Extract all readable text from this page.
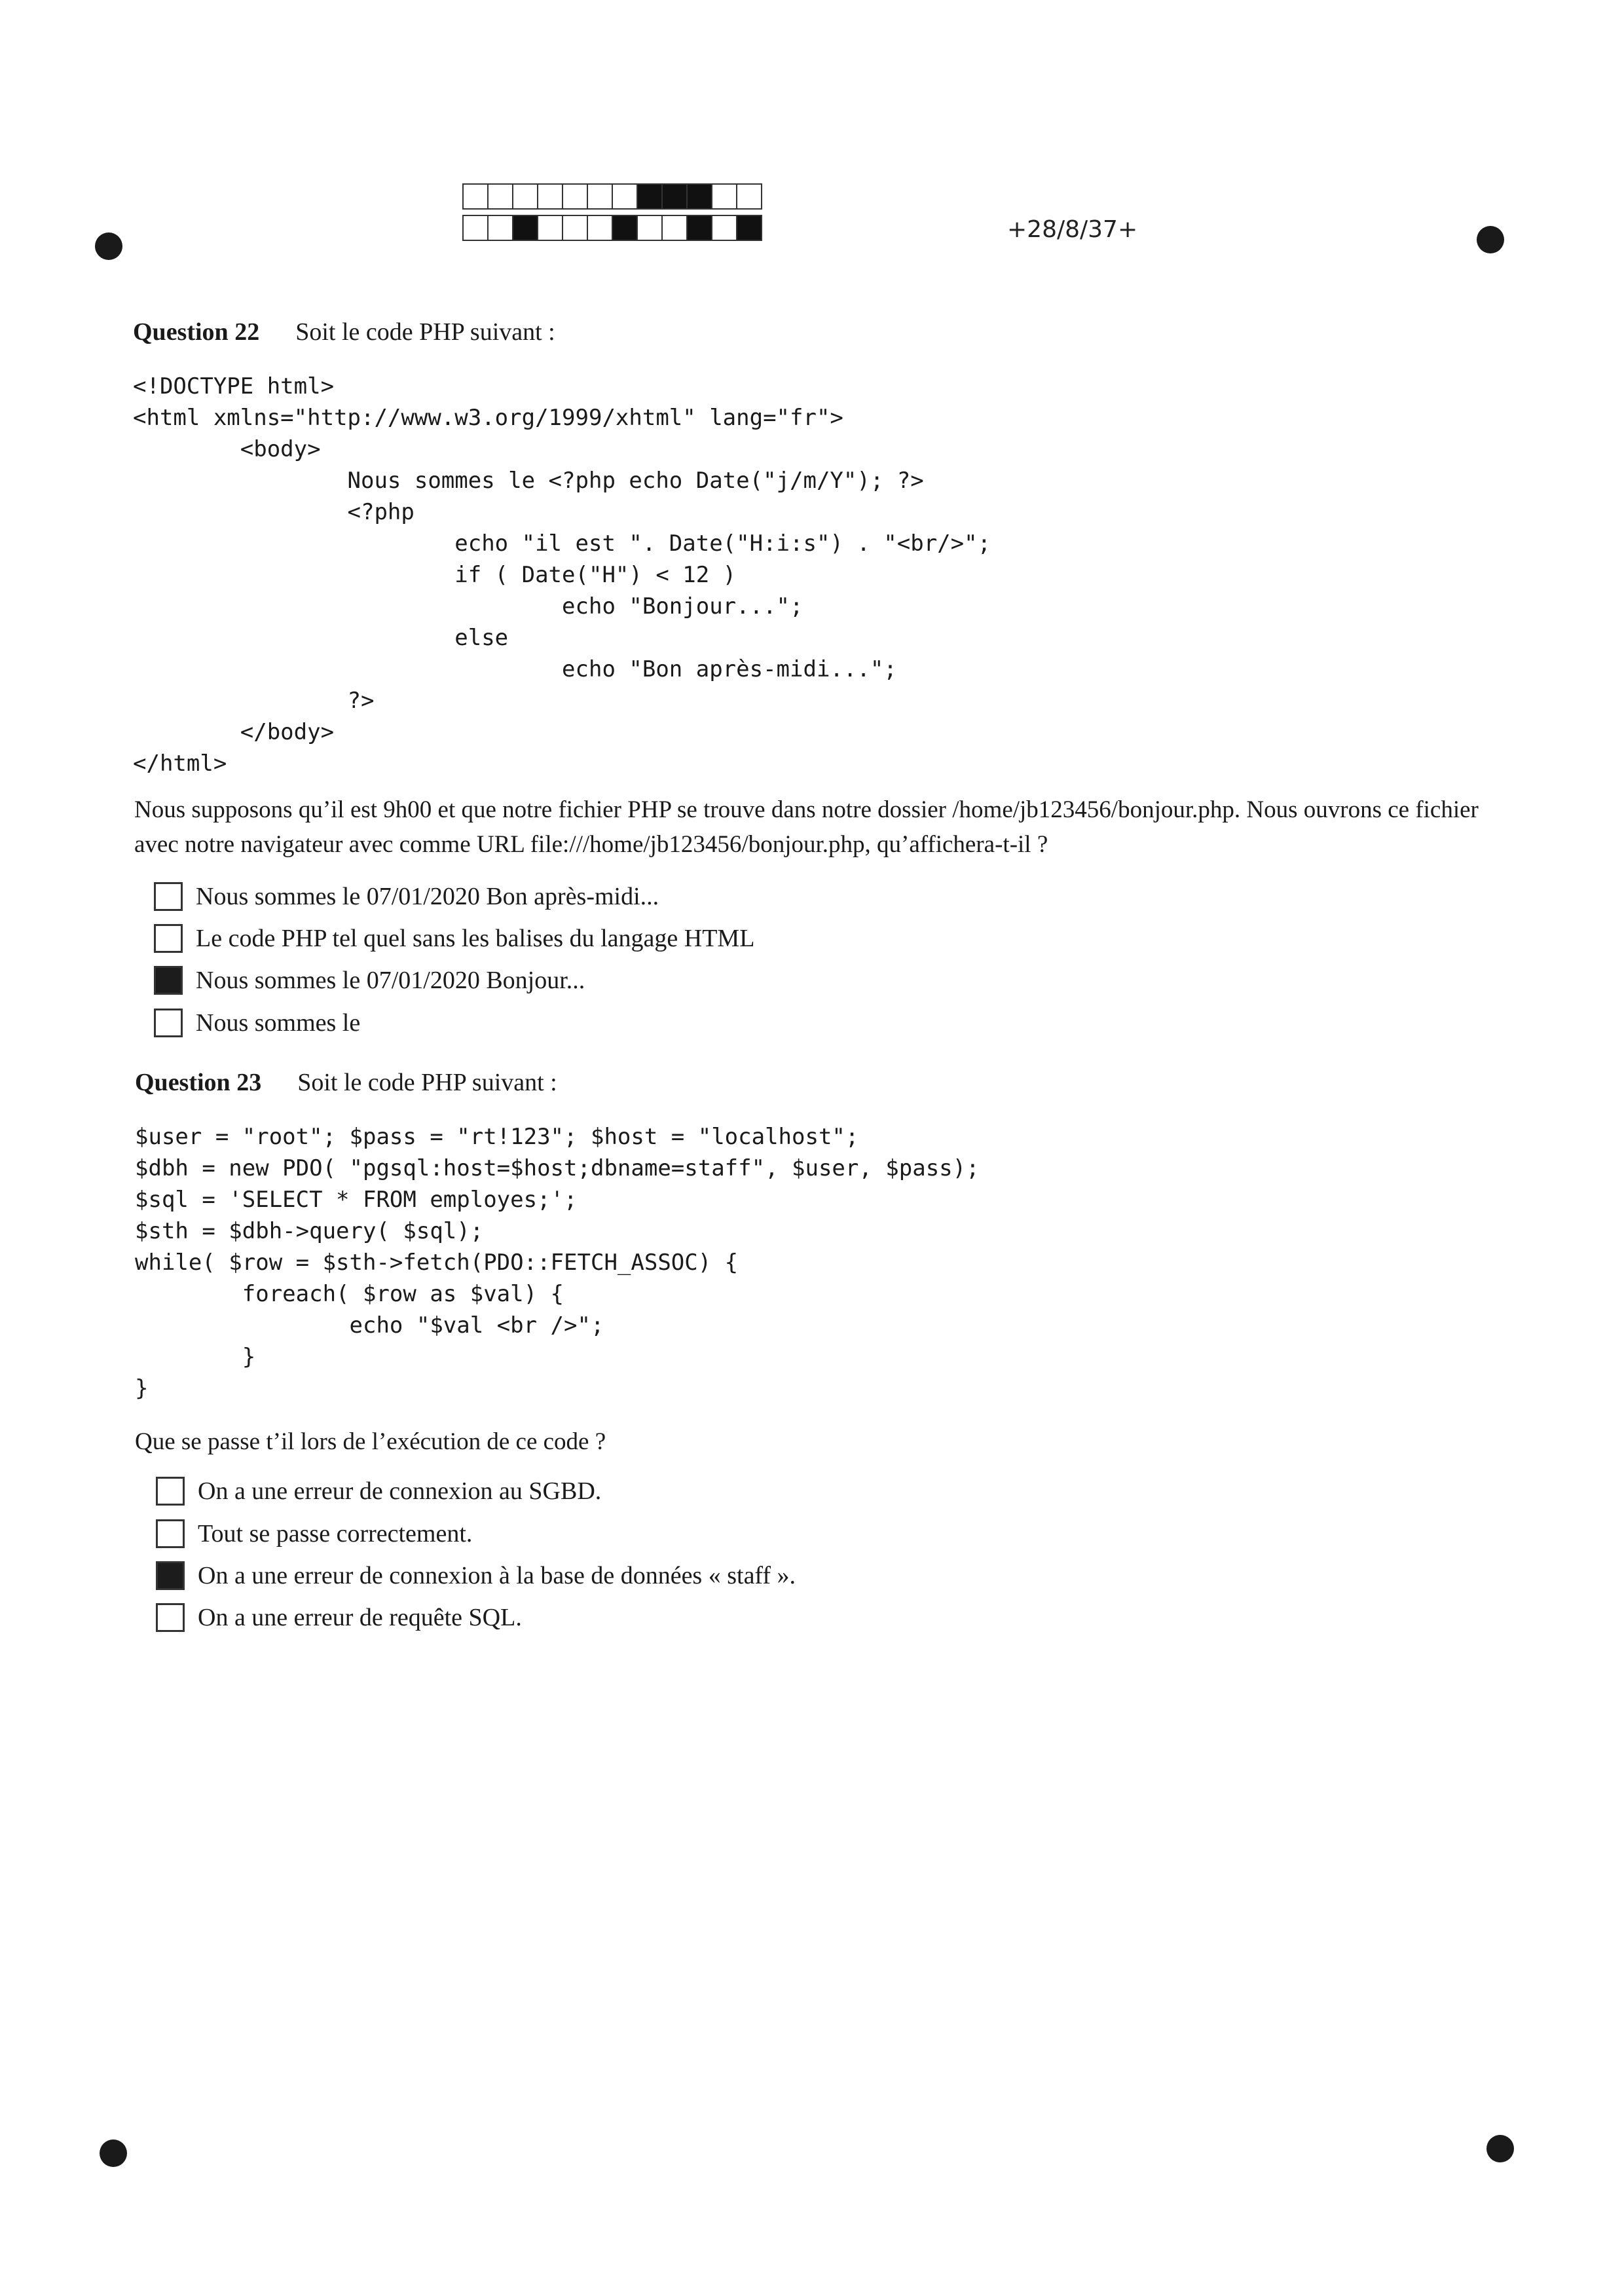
+28/8/37+
Question 22 Soit le code PHP suivant :
<!DOCTYPE html>
<html xmlns="http://www.w3.org/1999/xhtml" lang="fr">
<body>
Nous sommes le <?php echo Date("j/m/Y"); ?>
<?php
echo "il est ". Date("H:i:s") . "<br/>";
if ( Date("H") < 12 )
echo "Bonjour...";
else
echo "Bon après-midi...";
?>
</body>
</html>
Nous supposons qu’il est 9h00 et que notre fichier PHP se trouve dans notre dossier /home/jb123456/bonjour.php. Nous ouvrons ce fichier avec notre navigateur avec comme URL file:///home/jb123456/bonjour.php, qu’affichera-t-il ?
Nous sommes le 07/01/2020 Bon après-midi...
Le code PHP tel quel sans les balises du langage HTML
Nous sommes le 07/01/2020 Bonjour...
Nous sommes le
Question 23 Soit le code PHP suivant :
$user = "root"; $pass = "rt!123"; $host = "localhost";
$dbh = new PDO( "pgsql:host=$host;dbname=staff", $user, $pass);
$sql = 'SELECT * FROM employes;';
$sth = $dbh->query( $sql);
while( $row = $sth->fetch(PDO::FETCH_ASSOC) {
foreach( $row as $val) {
echo "$val <br />";
}
}
Que se passe t’il lors de l’exécution de ce code ?
On a une erreur de connexion au SGBD.
Tout se passe correctement.
On a une erreur de connexion à la base de données « staff ».
On a une erreur de requête SQL.
